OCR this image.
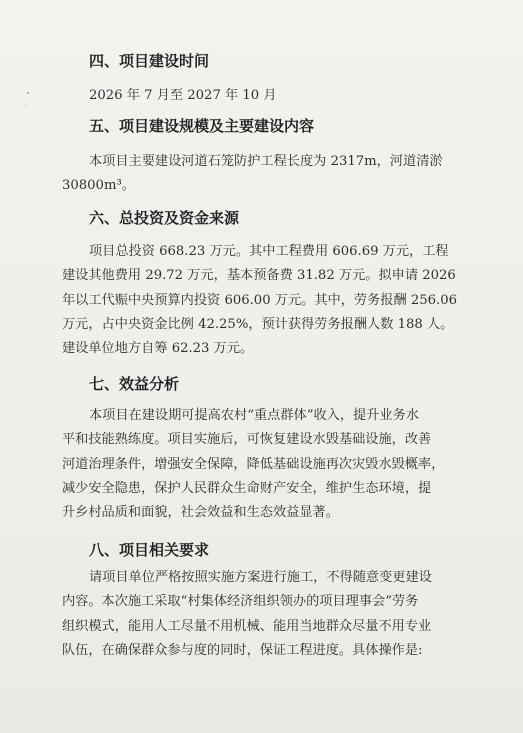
四、项目建设时间
2026 年 7 月至 2027 年 10 月
五、项目建设规模及主要建设内容
本项目主要建设河道石笼防护工程长度为 2317m，河道清淤
30800m³。
六、总投资及资金来源
项目总投资 668.23 万元。其中工程费用 606.69 万元，工程
建设其他费用 29.72 万元，基本预备费 31.82 万元。拟申请 2026
年以工代赈中央预算内投资 606.00 万元。其中，劳务报酬 256.06
万元，占中央资金比例 42.25%，预计获得劳务报酬人数 188 人。
建设单位地方自筹 62.23 万元。
七、效益分析
本项目在建设期可提高农村“重点群体”收入，提升业务水
平和技能熟练度。项目实施后，可恢复建设水毁基础设施，改善
河道治理条件，增强安全保障，降低基础设施再次灾毁水毁概率，
减少安全隐患，保护人民群众生命财产安全，维护生态环境，提
升乡村品质和面貌，社会效益和生态效益显著。
八、项目相关要求
请项目单位严格按照实施方案进行施工，不得随意变更建设
内容。本次施工采取“村集体经济组织领办的项目理事会”劳务
组织模式，能用人工尽量不用机械、能用当地群众尽量不用专业
队伍，在确保群众参与度的同时，保证工程进度。具体操作是:
